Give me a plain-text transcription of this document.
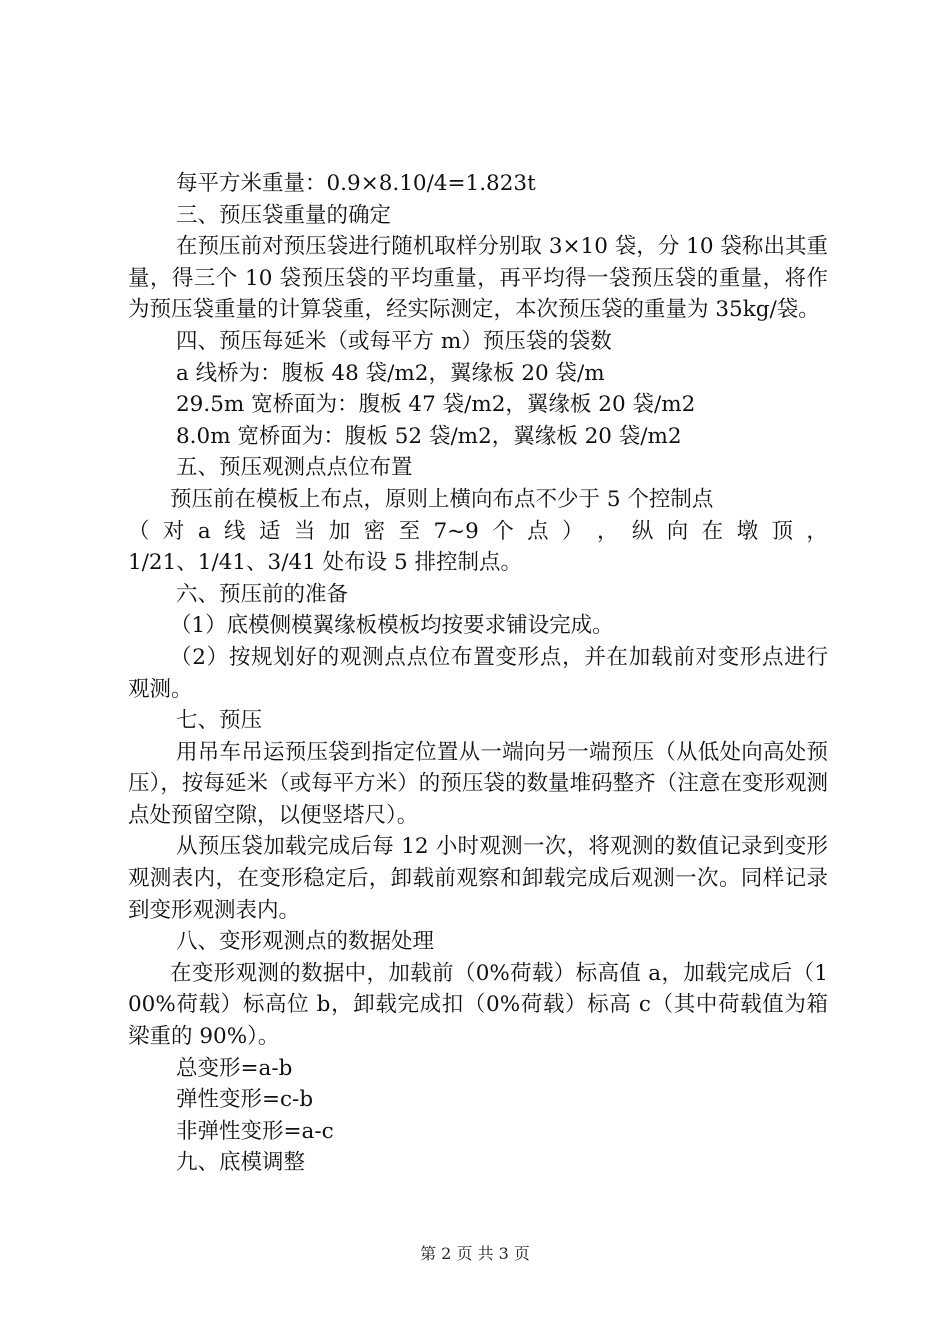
每平方米重量：0.9×8.10/4=1.823t

三、预压袋重量的确定

在预压前对预压袋进行随机取样分别取 3×10 袋，分 10 袋称出其重量，得三个 10 袋预压袋的平均重量，再平均得一袋预压袋的重量，将作为预压袋重量的计算袋重，经实际测定，本次预压袋的重量为 35kg/袋。

四、预压每延米（或每平方 m）预压袋的袋数

a 线桥为：腹板 48 袋/m2，翼缘板 20 袋/m

29.5m 宽桥面为：腹板 47 袋/m2，翼缘板 20 袋/m2

8.0m 宽桥面为：腹板 52 袋/m2，翼缘板 20 袋/m2

五、预压观测点点位布置

预压前在模板上布点，原则上横向布点不少于 5 个控制点

（ 对 a 线 适 当 加 密 至 7~9 个 点 ） ， 纵 向 在 墩 顶 ，

1/21、1/41、3/41 处布设 5 排控制点。

六、预压前的准备

（1）底模侧模翼缘板模板均按要求铺设完成。

（2）按规划好的观测点点位布置变形点，并在加载前对变形点进行观测。

七、预压

用吊车吊运预压袋到指定位置从一端向另一端预压（从低处向高处预压），按每延米（或每平方米）的预压袋的数量堆码整齐（注意在变形观测点处预留空隙，以便竖塔尺）。

从预压袋加载完成后每 12 小时观测一次，将观测的数值记录到变形观测表内，在变形稳定后，卸载前观察和卸载完成后观测一次。同样记录到变形观测表内。

八、变形观测点的数据处理

在变形观测的数据中，加载前（0%荷载）标高值 a，加载完成后（100%荷载）标高位 b，卸载完成扣（0%荷载）标高 c（其中荷载值为箱梁重的 90%）。

总变形=a-b

弹性变形=c-b

非弹性变形=a-c

九、底模调整

第 2 页 共 3 页
